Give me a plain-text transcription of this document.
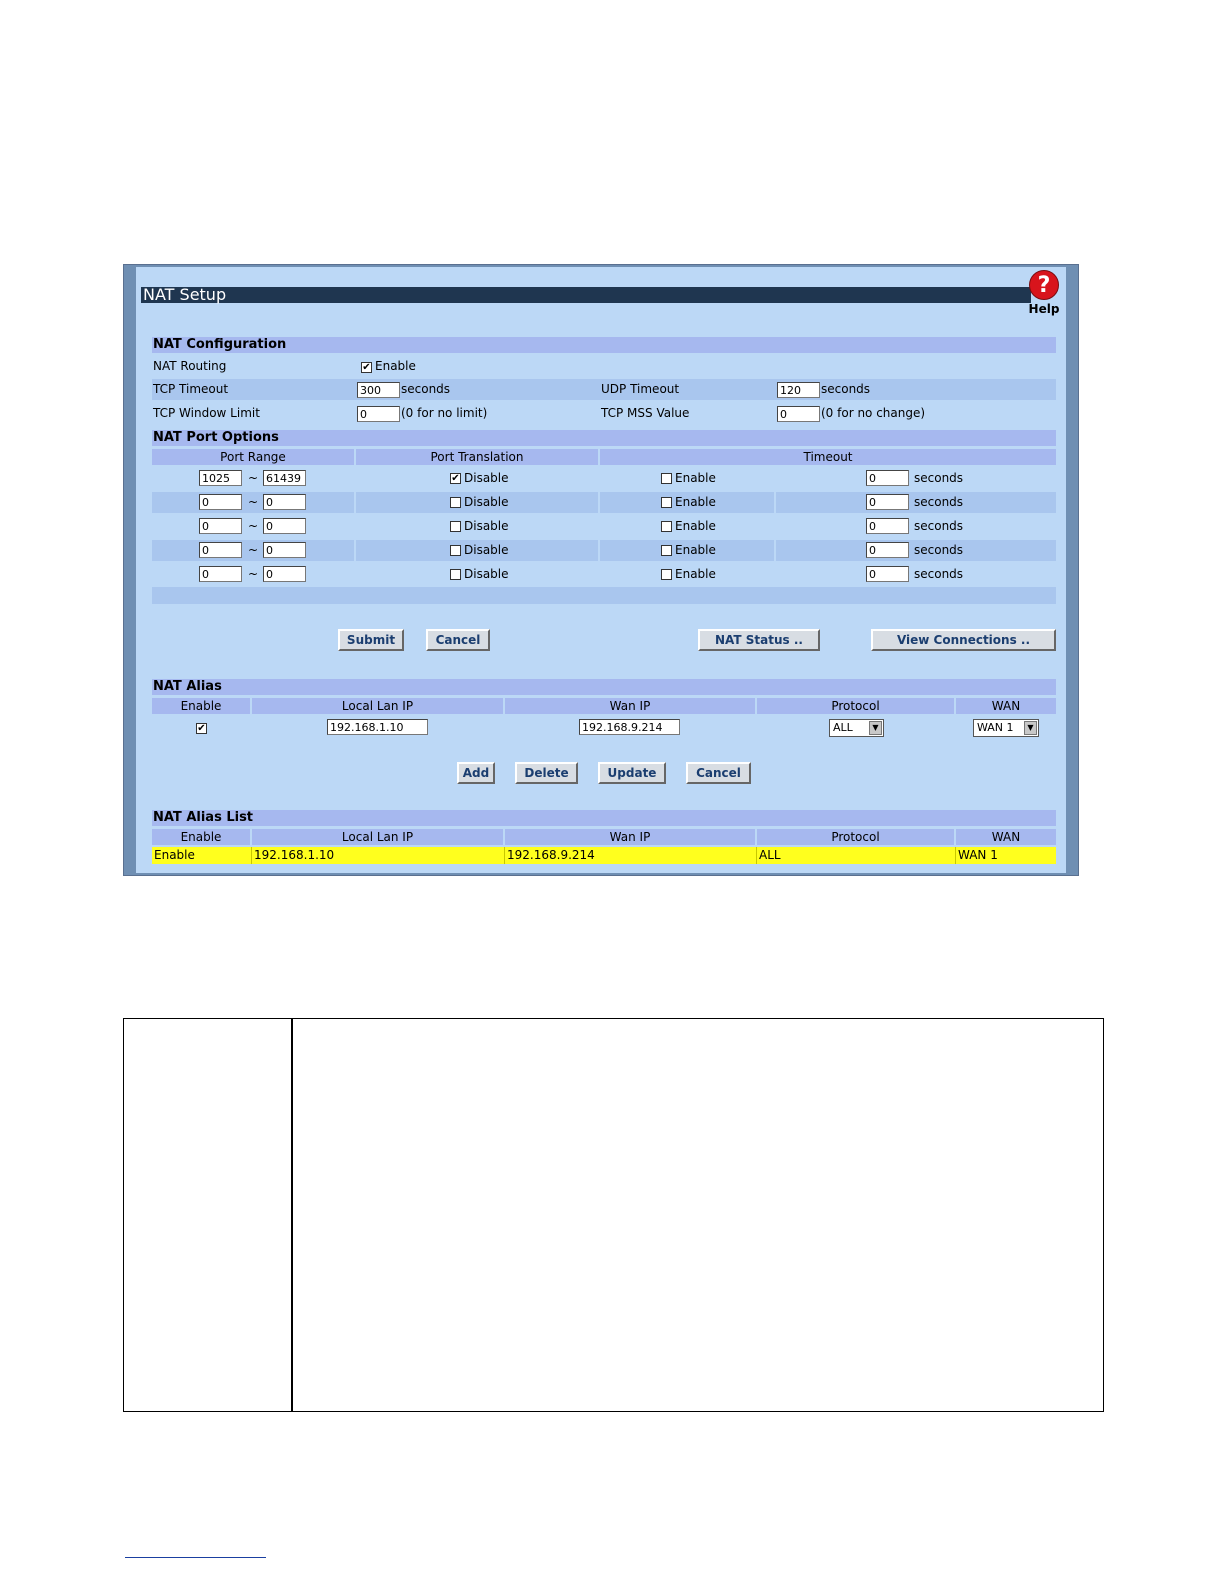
NAT Setup	?
Help
NAT Configuration
NAT Routing	✔ Enable
TCP Timeout	300	seconds	UDP Timeout	120	seconds
TCP Window Limit	0	(0 for no limit)	TCP MSS Value	0	(0 for no change)
NAT Port Options
Port Range	Port Translation	Timeout
1025	~ 61439	✔ Disable	Enable	0	seconds
0	~ 0	Disable	Enable	0	seconds
0	~ 0	Disable	Enable	0	seconds
0	~ 0	Disable	Enable	0	seconds
0	~ 0	Disable	Enable	0	seconds
Submit	Cancel	NAT Status ..	View Connections ..
NAT Alias
Enable	Local Lan IP	Wan IP	Protocol	WAN
✔	192.168.1.10	192.168.9.214	ALL	▼	WAN 1	▼
Add	Delete	Update	Cancel
NAT Alias List
Enable	Local Lan IP	Wan IP	Protocol	WAN
Enable	192.168.1.10	192.168.9.214	ALL	WAN 1
